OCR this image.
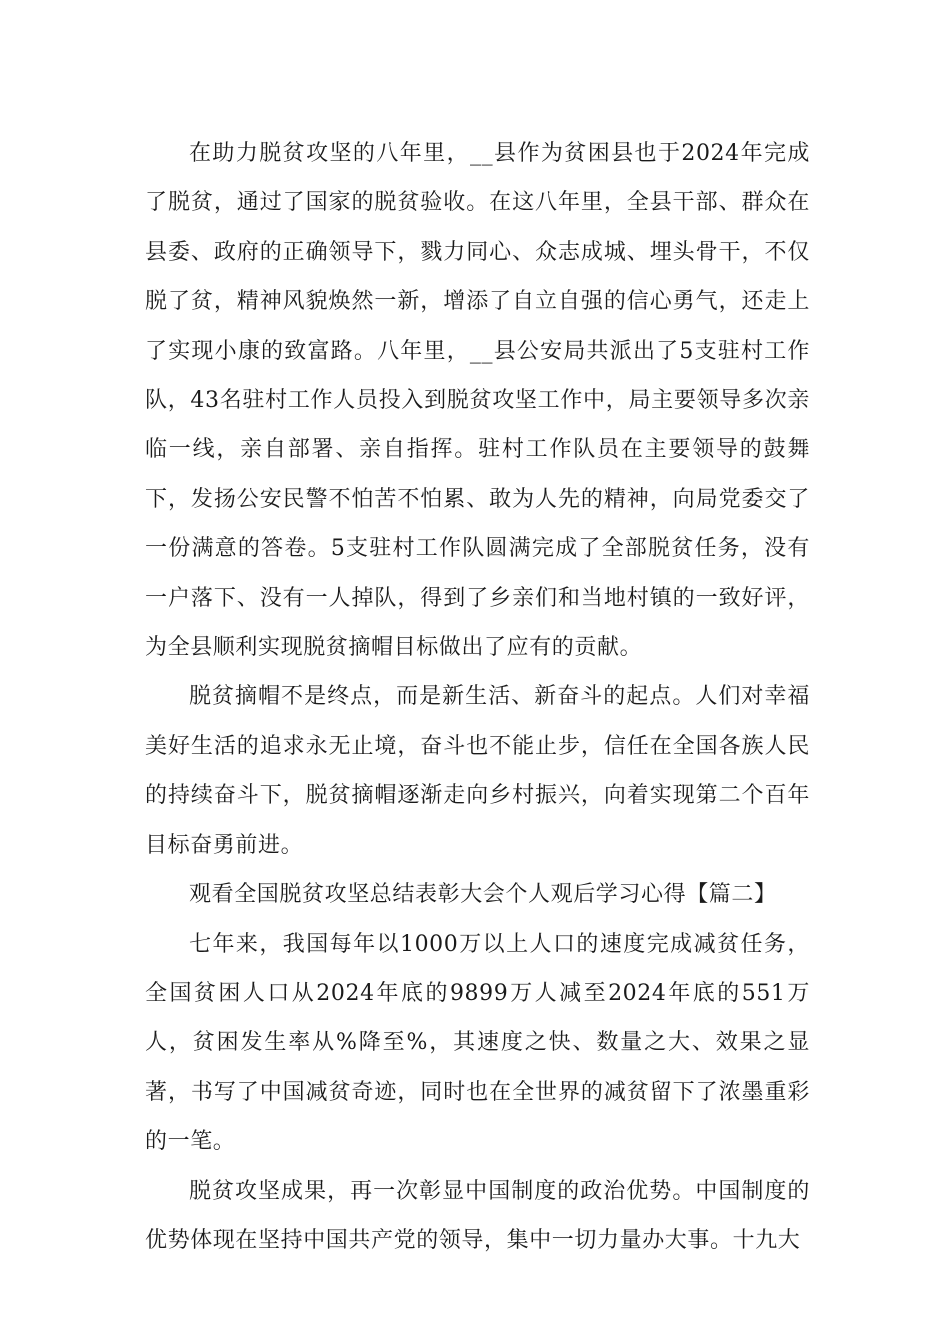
在助力脱贫攻坚的八年里，__县作为贫困县也于2024年完成了脱贫，通过了国家的脱贫验收。在这八年里，全县干部、群众在县委、政府的正确领导下，戮力同心、众志成城、埋头骨干，不仅脱了贫，精神风貌焕然一新，增添了自立自强的信心勇气，还走上了实现小康的致富路。八年里，__县公安局共派出了5支驻村工作队，43名驻村工作人员投入到脱贫攻坚工作中，局主要领导多次亲临一线，亲自部署、亲自指挥。驻村工作队员在主要领导的鼓舞下，发扬公安民警不怕苦不怕累、敢为人先的精神，向局党委交了一份满意的答卷。5支驻村工作队圆满完成了全部脱贫任务，没有一户落下、没有一人掉队，得到了乡亲们和当地村镇的一致好评，为全县顺利实现脱贫摘帽目标做出了应有的贡献。

脱贫摘帽不是终点，而是新生活、新奋斗的起点。人们对幸福美好生活的追求永无止境，奋斗也不能止步，信任在全国各族人民的持续奋斗下，脱贫摘帽逐渐走向乡村振兴，向着实现第二个百年目标奋勇前进。

观看全国脱贫攻坚总结表彰大会个人观后学习心得【篇二】

七年来，我国每年以1000万以上人口的速度完成减贫任务，全国贫困人口从2024年底的9899万人减至2024年底的551万人，贫困发生率从%降至%，其速度之快、数量之大、效果之显著，书写了中国减贫奇迹，同时也在全世界的减贫留下了浓墨重彩的一笔。

脱贫攻坚成果，再一次彰显中国制度的政治优势。中国制度的优势体现在坚持中国共产党的领导，集中一切力量办大事。十九大
